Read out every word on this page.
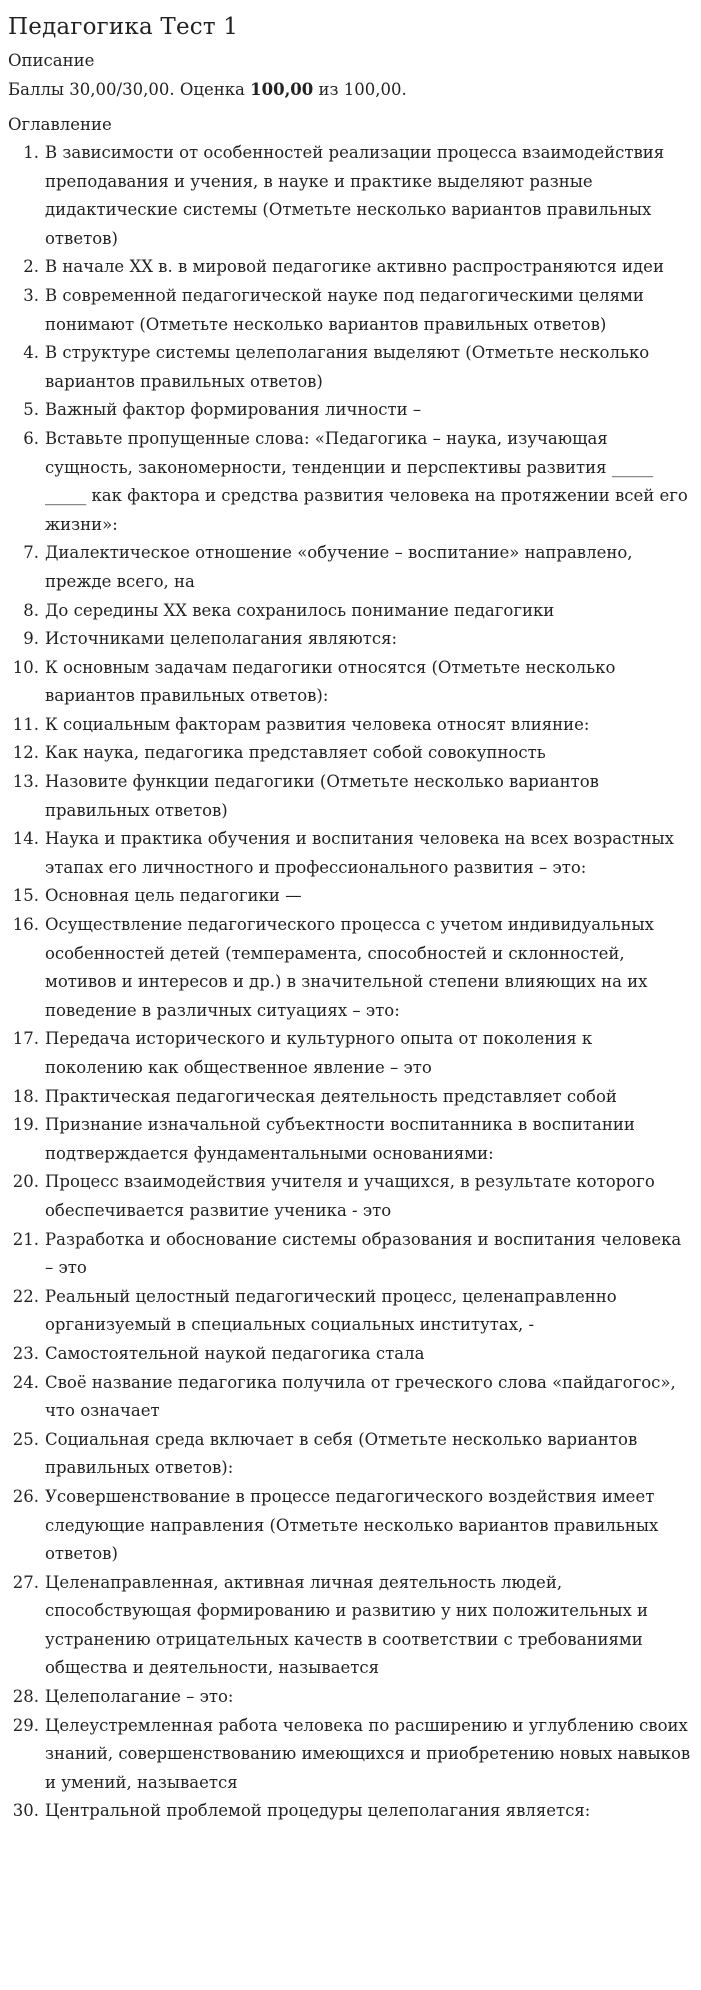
Педагогика Тест 1
Описание
Баллы 30,00/30,00. Оценка 100,00 из 100,00.
Оглавление
1. В зависимости от особенностей реализации процесса взаимодействия преподавания и учения, в науке и практике выделяют разные дидактические системы (Отметьте несколько вариантов правильных ответов)
2. В начале XX в. в мировой педагогике активно распространяются идеи
3. В современной педагогической науке под педагогическими целями понимают (Отметьте несколько вариантов правильных ответов)
4. В структуре системы целеполагания выделяют (Отметьте несколько вариантов правильных ответов)
5. Важный фактор формирования личности –
6. Вставьте пропущенные слова: «Педагогика – наука, изучающая сущность, закономерности, тенденции и перспективы развития _____ _____ как фактора и средства развития человека на протяжении всей его жизни»:
7. Диалектическое отношение «обучение – воспитание» направлено, прежде всего, на
8. До середины XX века сохранилось понимание педагогики
9. Источниками целеполагания являются:
10. К основным задачам педагогики относятся (Отметьте несколько вариантов правильных ответов):
11. К социальным факторам развития человека относят влияние:
12. Как наука, педагогика представляет собой совокупность
13. Назовите функции педагогики (Отметьте несколько вариантов правильных ответов)
14. Наука и практика обучения и воспитания человека на всех возрастных этапах его личностного и профессионального развития – это:
15. Основная цель педагогики —
16. Осуществление педагогического процесса с учетом индивидуальных особенностей детей (темперамента, способностей и склонностей, мотивов и интересов и др.) в значительной степени влияющих на их поведение в различных ситуациях – это:
17. Передача исторического и культурного опыта от поколения к поколению как общественное явление – это
18. Практическая педагогическая деятельность представляет собой
19. Признание изначальной субъектности воспитанника в воспитании подтверждается фундаментальными основаниями:
20. Процесс взаимодействия учителя и учащихся, в результате которого обеспечивается развитие ученика - это
21. Разработка и обоснование системы образования и воспитания человека – это
22. Реальный целостный педагогический процесс, целенаправленно организуемый в специальных социальных институтах, -
23. Самостоятельной наукой педагогика стала
24. Своё название педагогика получила от греческого слова «пайдагогос», что означает
25. Социальная среда включает в себя (Отметьте несколько вариантов правильных ответов):
26. Усовершенствование в процессе педагогического воздействия имеет следующие направления (Отметьте несколько вариантов правильных ответов)
27. Целенаправленная, активная личная деятельность людей, способствующая формированию и развитию у них положительных и устранению отрицательных качеств в соответствии с требованиями общества и деятельности, называется
28. Целеполагание – это:
29. Целеустремленная работа человека по расширению и углублению своих знаний, совершенствованию имеющихся и приобретению новых навыков и умений, называется
30. Центральной проблемой процедуры целеполагания является:
